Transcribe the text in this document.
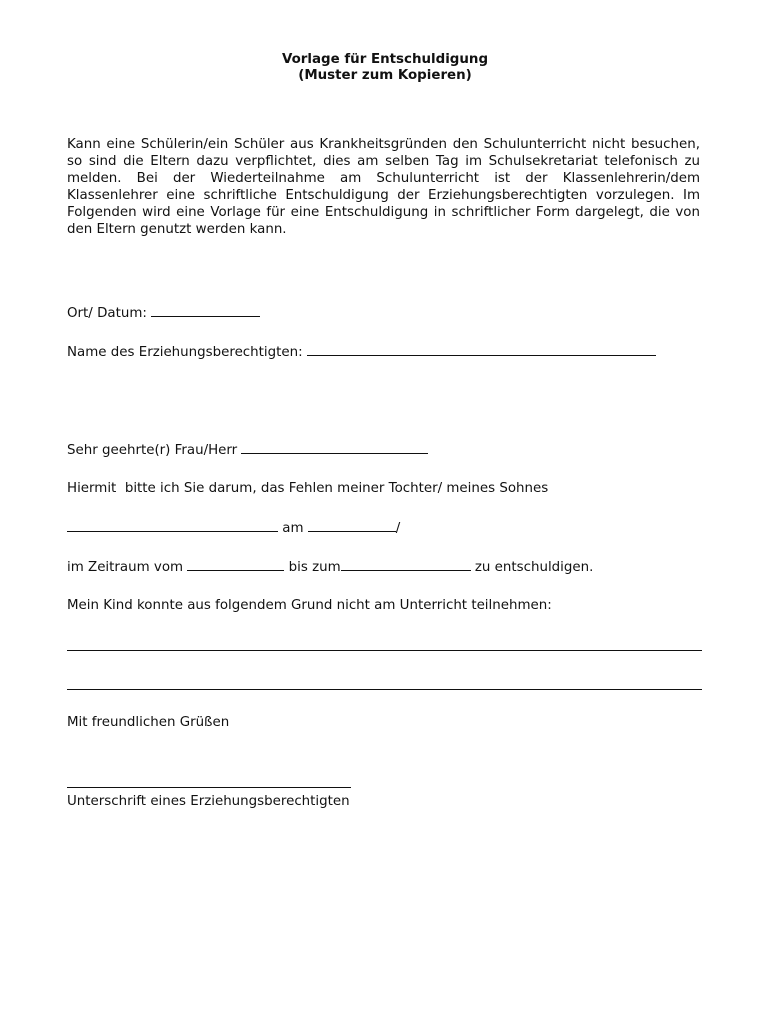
Vorlage für Entschuldigung
(Muster zum Kopieren)

Kann eine Schülerin/ein Schüler aus Krankheitsgründen den Schulunterricht nicht besuchen, so sind die Eltern dazu verpflichtet, dies am selben Tag im Schulsekretariat telefonisch zu melden. Bei der Wiederteilnahme am Schulunterricht ist der Klassenlehrerin/dem Klassenlehrer eine schriftliche Entschuldigung der Erziehungsberechtigten vorzulegen. Im Folgenden wird eine Vorlage für eine Entschuldigung in schriftlicher Form dargelegt, die von den Eltern genutzt werden kann.

Ort/ Datum:
Name des Erziehungsberechtigten:
Sehr geehrte(r) Frau/Herr
Hiermit  bitte ich Sie darum, das Fehlen meiner Tochter/ meines Sohnes
am	/
im Zeitraum vom	bis zum	zu entschuldigen.
Mein Kind konnte aus folgendem Grund nicht am Unterricht teilnehmen:
Mit freundlichen Grüßen
Unterschrift eines Erziehungsberechtigten
